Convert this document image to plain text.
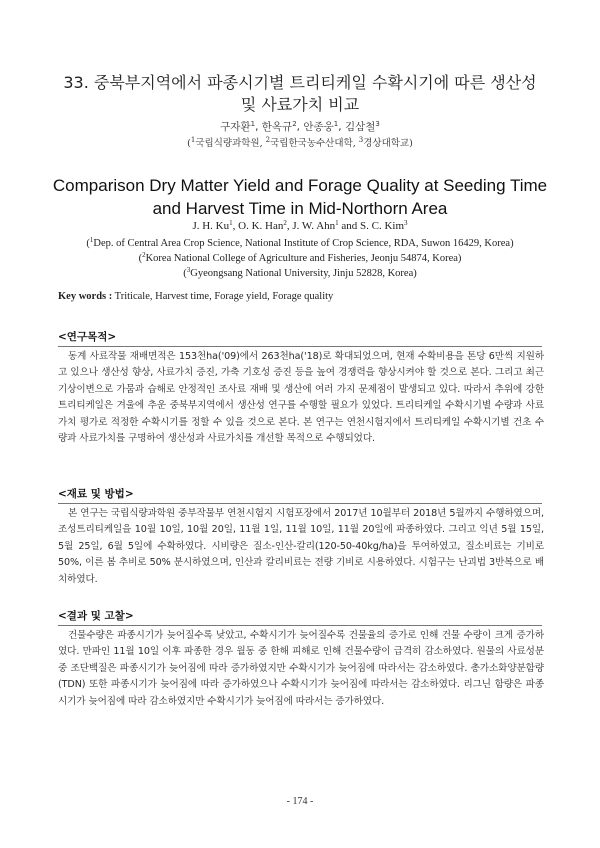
33. 중북부지역에서 파종시기별 트리티케일 수확시기에 따른 생산성
및 사료가치 비교
구자환$^1$, 한옥규$^2$, 안종웅$^1$, 김삼철$^3$
($^1$국립식량과학원, $^2$국립한국농수산대학, $^3$경상대학교)
Comparison Dry Matter Yield and Forage Quality at Seeding Time
and Harvest Time in Mid-Northorn Area
J. H. Ku$^1$, O. K. Han$^2$, J. W. Ahn$^1$ and S. C. Kim$^3$
($^1$Dep. of Central Area Crop Science, National Institute of Crop Science, RDA, Suwon 16429, Korea)
($^2$Korea National College of Agriculture and Fisheries, Jeonju 54874, Korea)
($^3$Gyeongsang National University, Jinju 52828, Korea)
Key words : Triticale, Harvest time, Forage yield, Forage quality
<연구목적>
동계 사료작물 재배면적은 153천ha('09)에서 263천ha('18)로 확대되었으며, 현재 수확비용을 톤당 6만씩 지원하고 있으나 생산성 향상, 사료가치 증진, 가축 기호성 증진 등을 높여 경쟁력을 향상시켜야 할 것으로 본다. 그리고 최근 기상이변으로 가뭄과 습해로 안정적인 조사료 재배 및 생산에 여러 가지 문제점이 발생되고 있다. 따라서 추위에 강한 트리티케일은 겨울에 추운 중북부지역에서 생산성 연구를 수행할 필요가 있었다. 트리티케일 수확시기별 수량과 사료가치 평가로 적정한 수확시기를 정할 수 있을 것으로 본다. 본 연구는 연천시험지에서 트리티케일 수확시기별 건초 수량과 사료가치를 구명하여 생산성과 사료가치를 개선할 목적으로 수행되었다.
<재료 및 방법>
본 연구는 국립식량과학원 중부작물부 연천시험지 시험포장에서 2017년 10월부터 2018년 5월까지 수행하였으며, 조성트리티케일을 10월 10일, 10월 20일, 11월 1일, 11월 10일, 11월 20일에 파종하였다. 그리고 익년 5월 15일, 5월 25일, 6월 5일에 수확하였다. 시비량은 질소-인산-칼리(120-50-40kg/ha)을 투여하였고, 질소비료는 기비로 50%, 이른 봄 추비로 50% 분시하였으며, 인산과 칼리비료는 전량 기비로 시용하였다. 시험구는 난괴법 3반복으로 배치하였다.
<결과 및 고찰>
건물수량은 파종시기가 늦어질수록 낮았고, 수확시기가 늦어질수록 건물율의 증가로 인해 건물 수량이 크게 증가하였다. 만파인 11월 10일 이후 파종한 경우 월동 중 한해 피해로 인해 건물수량이 급격히 감소하였다. 원물의 사료성분 중 조단백질은 파종시기가 늦어짐에 따라 증가하였지만 수확시기가 늦어짐에 따라서는 감소하였다. 총가소화양분함량(TDN) 또한 파종시기가 늦어짐에 따라 증가하였으나 수확시기가 늦어짐에 따라서는 감소하였다. 리그닌 함량은 파종시기가 늦어짐에 따라 감소하였지만 수확시기가 늦어짐에 따라서는 증가하였다.
- 174 -
